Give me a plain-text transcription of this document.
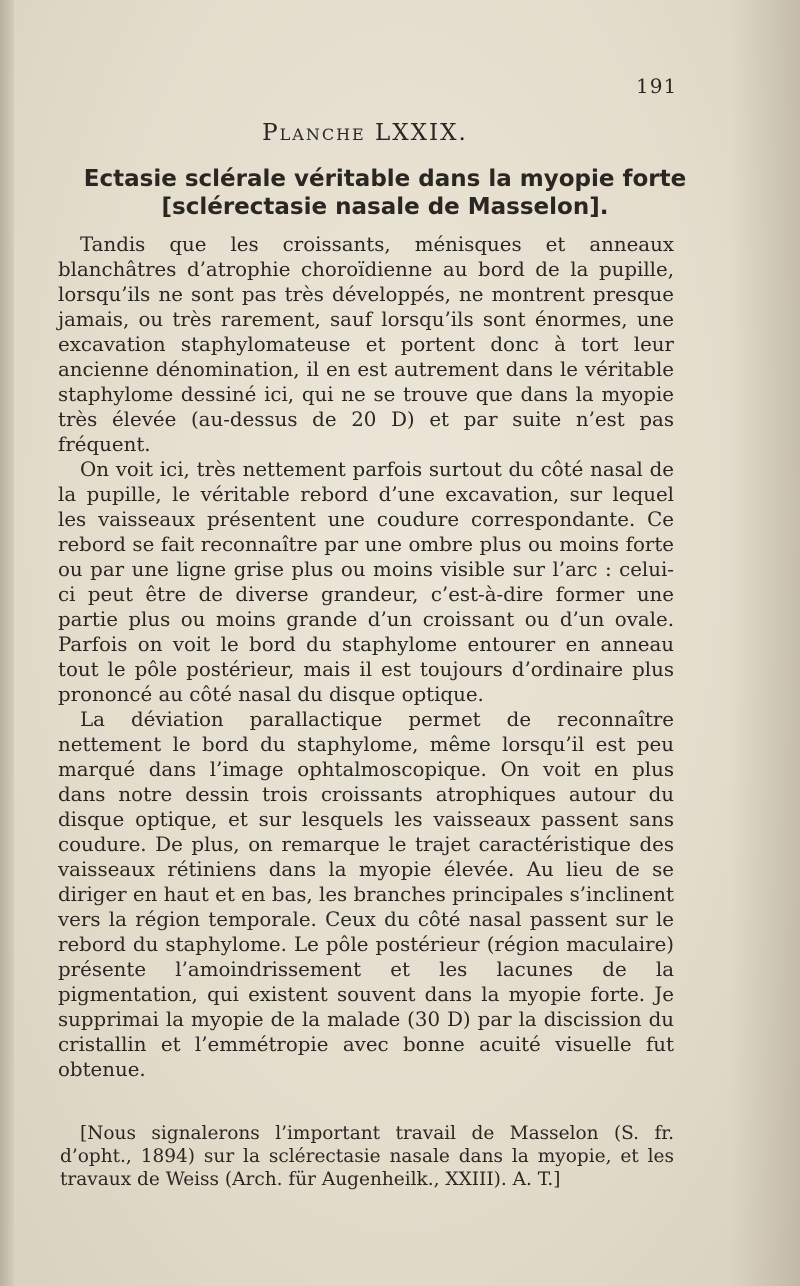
191
Planche LXXIX.
Ectasie sclérale véritable dans la myopie forte
[sclérectasie nasale de Masselon].

Tandis que les croissants, ménisques et anneaux blanchâtres d’atrophie choroïdienne au bord de la pupille, lorsqu’ils ne sont pas très développés, ne montrent presque jamais, ou très rarement, sauf lorsqu’ils sont énormes, une excavation staphylomateuse et portent donc à tort leur ancienne dénomination, il en est autrement dans le véritable staphylome dessiné ici, qui ne se trouve que dans la myopie très élevée (au-dessus de 20 D) et par suite n’est pas fréquent.

On voit ici, très nettement parfois surtout du côté nasal de la pupille, le véritable rebord d’une excavation, sur lequel les vaisseaux présentent une coudure correspondante. Ce rebord se fait reconnaître par une ombre plus ou moins forte ou par une ligne grise plus ou moins visible sur l’arc : celui-ci peut être de diverse grandeur, c’est-à-dire former une partie plus ou moins grande d’un croissant ou d’un ovale. Parfois on voit le bord du staphylome entourer en anneau tout le pôle postérieur, mais il est toujours d’ordinaire plus prononcé au côté nasal du disque optique.

La déviation parallactique permet de reconnaître nettement le bord du staphylome, même lorsqu’il est peu marqué dans l’image ophtalmoscopique. On voit en plus dans notre dessin trois croissants atrophiques autour du disque optique, et sur lesquels les vaisseaux passent sans coudure. De plus, on remarque le trajet caractéristique des vaisseaux rétiniens dans la myopie élevée. Au lieu de se diriger en haut et en bas, les branches principales s’inclinent vers la région temporale. Ceux du côté nasal passent sur le rebord du staphylome. Le pôle postérieur (région maculaire) présente l’amoindrissement et les lacunes de la pigmentation, qui existent souvent dans la myopie forte. Je supprimai la myopie de la malade (30 D) par la discission du cristallin et l’emmétropie avec bonne acuité visuelle fut obtenue.

[Nous signalerons l’important travail de Masselon (S. fr. d’opht., 1894) sur la sclérectasie nasale dans la myopie, et les travaux de Weiss (Arch. für Augenheilk., XXIII). A. T.]
